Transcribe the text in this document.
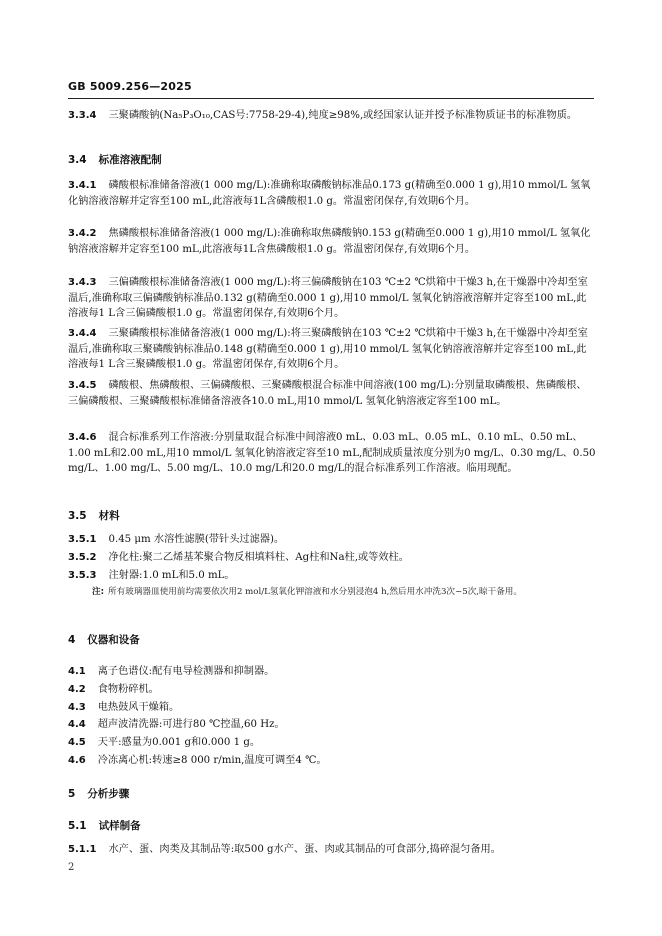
GB 5009.256—2025
3.3.4 三聚磷酸钠(Na₅P₃O₁₀,CAS号:7758-29-4),纯度≥98%,或经国家认证并授予标准物质证书的标准物质。
3.4 标准溶液配制
3.4.1 磷酸根标准储备溶液(1 000 mg/L):准确称取磷酸钠标准品0.173 g(精确至0.000 1 g),用10 mmol/L 氢氧化钠溶液溶解并定容至100 mL,此溶液每1L含磷酸根1.0 g。常温密闭保存,有效期6个月。
3.4.2 焦磷酸根标准储备溶液(1 000 mg/L):准确称取焦磷酸钠0.153 g(精确至0.000 1 g),用10 mmol/L 氢氧化钠溶液溶解并定容至100 mL,此溶液每1L含焦磷酸根1.0 g。常温密闭保存,有效期6个月。
3.4.3 三偏磷酸根标准储备溶液(1 000 mg/L):将三偏磷酸钠在103 ℃±2 ℃烘箱中干燥3 h,在干燥器中冷却至室温后,准确称取三偏磷酸钠标准品0.132 g(精确至0.000 1 g),用10 mmol/L 氢氧化钠溶液溶解并定容至100 mL,此溶液每1 L含三偏磷酸根1.0 g。常温密闭保存,有效期6个月。
3.4.4 三聚磷酸根标准储备溶液(1 000 mg/L):将三聚磷酸钠在103 ℃±2 ℃烘箱中干燥3 h,在干燥器中冷却至室温后,准确称取三聚磷酸钠标准品0.148 g(精确至0.000 1 g),用10 mmol/L 氢氧化钠溶液溶解并定容至100 mL,此溶液每1 L含三聚磷酸根1.0 g。常温密闭保存,有效期6个月。
3.4.5 磷酸根、焦磷酸根、三偏磷酸根、三聚磷酸根混合标准中间溶液(100 mg/L):分别量取磷酸根、焦磷酸根、三偏磷酸根、三聚磷酸根标准储备溶液各10.0 mL,用10 mmol/L 氢氧化钠溶液定容至100 mL。
3.4.6 混合标准系列工作溶液:分别量取混合标准中间溶液0 mL、0.03 mL、0.05 mL、0.10 mL、0.50 mL、1.00 mL和2.00 mL,用10 mmol/L 氢氧化钠溶液定容至10 mL,配制成质量浓度分别为0 mg/L、0.30 mg/L、0.50 mg/L、1.00 mg/L、5.00 mg/L、10.0 mg/L和20.0 mg/L的混合标准系列工作溶液。临用现配。
3.5 材料
3.5.1 0.45 μm 水溶性滤膜(带针头过滤器)。
3.5.2 净化柱:聚二乙烯基苯聚合物反相填料柱、Ag柱和Na柱,或等效柱。
3.5.3 注射器:1.0 mL和5.0 mL。
注: 所有玻璃器皿使用前均需要依次用2 mol/L氢氧化钾溶液和水分别浸泡4 h,然后用水冲洗3次~5次,晾干备用。
4 仪器和设备
4.1 离子色谱仪:配有电导检测器和抑制器。
4.2 食物粉碎机。
4.3 电热鼓风干燥箱。
4.4 超声波清洗器:可进行80 ℃控温,60 Hz。
4.5 天平:感量为0.001 g和0.000 1 g。
4.6 冷冻离心机:转速≥8 000 r/min,温度可调至4 ℃。
5 分析步骤
5.1 试样制备
5.1.1 水产、蛋、肉类及其制品等:取500 g水产、蛋、肉或其制品的可食部分,捣碎混匀备用。
2
